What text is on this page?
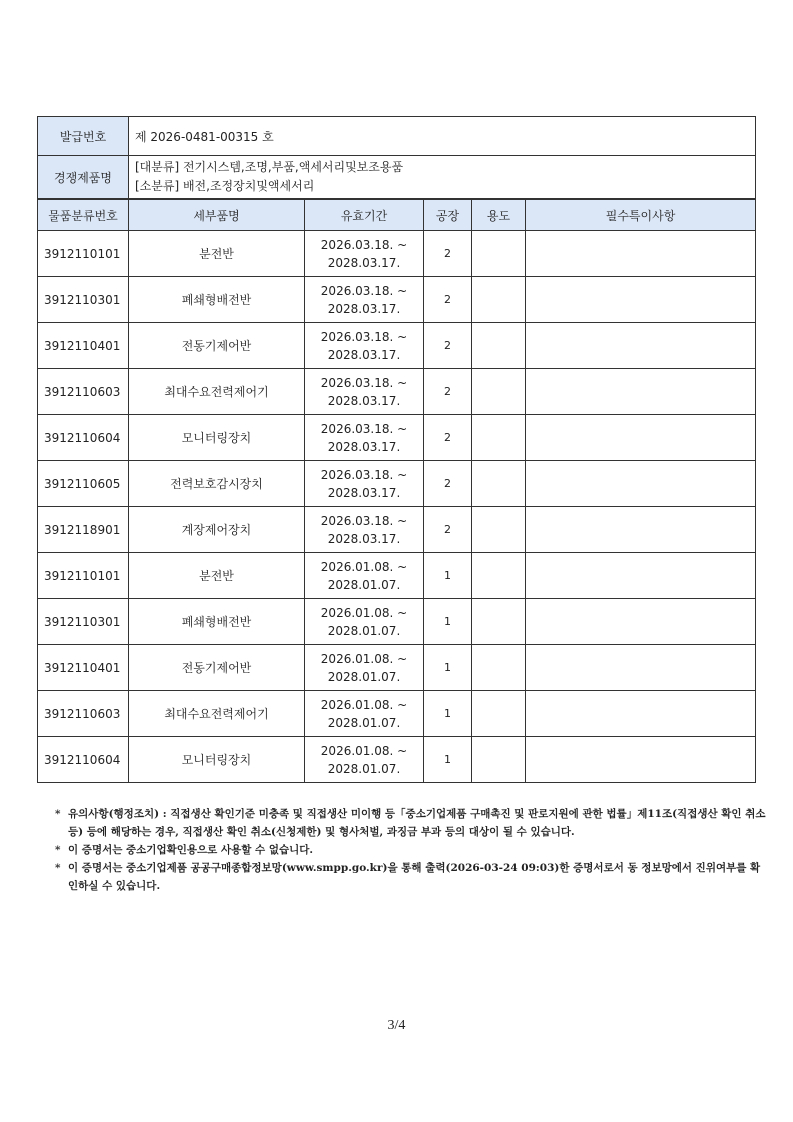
발급번호	제 2026-0481-00315 호				
경쟁제품명	[대분류] 전기시스템,조명,부품,액세서리및보조용품
[소분류] 배전,조정장치및액세서리				

물품분류번호	세부품명	유효기간	공장	용도	필수특이사항
3912110101	분전반	2026.03.18. ~
2028.03.17.	2		
3912110301	폐쇄형배전반	2026.03.18. ~
2028.03.17.	2		
3912110401	전동기제어반	2026.03.18. ~
2028.03.17.	2		
3912110603	최대수요전력제어기	2026.03.18. ~
2028.03.17.	2		
3912110604	모니터링장치	2026.03.18. ~
2028.03.17.	2		
3912110605	전력보호감시장치	2026.03.18. ~
2028.03.17.	2		
3912118901	계장제어장치	2026.03.18. ~
2028.03.17.	2		
3912110101	분전반	2026.01.08. ~
2028.01.07.	1		
3912110301	폐쇄형배전반	2026.01.08. ~
2028.01.07.	1		
3912110401	전동기제어반	2026.01.08. ~
2028.01.07.	1		
3912110603	최대수요전력제어기	2026.01.08. ~
2028.01.07.	1		
3912110604	모니터링장치	2026.01.08. ~
2028.01.07.	1		
* 유의사항(행정조치) : 직접생산 확인기준 미충족 및 직접생산 미이행 등「중소기업제품 구매촉진 및 판로지원에 관한 법률」제11조(직접생산 확인 취소 등) 등에 해당하는 경우, 직접생산 확인 취소(신청제한) 및 형사처벌, 과징금 부과 등의 대상이 될 수 있습니다.
* 이 증명서는 중소기업확인용으로 사용할 수 없습니다.
* 이 증명서는 중소기업제품 공공구매종합정보망(www.smpp.go.kr)을 통해 출력(2026-03-24 09:03)한 증명서로서 동 정보망에서 진위여부를 확인하실 수 있습니다.
3/4
